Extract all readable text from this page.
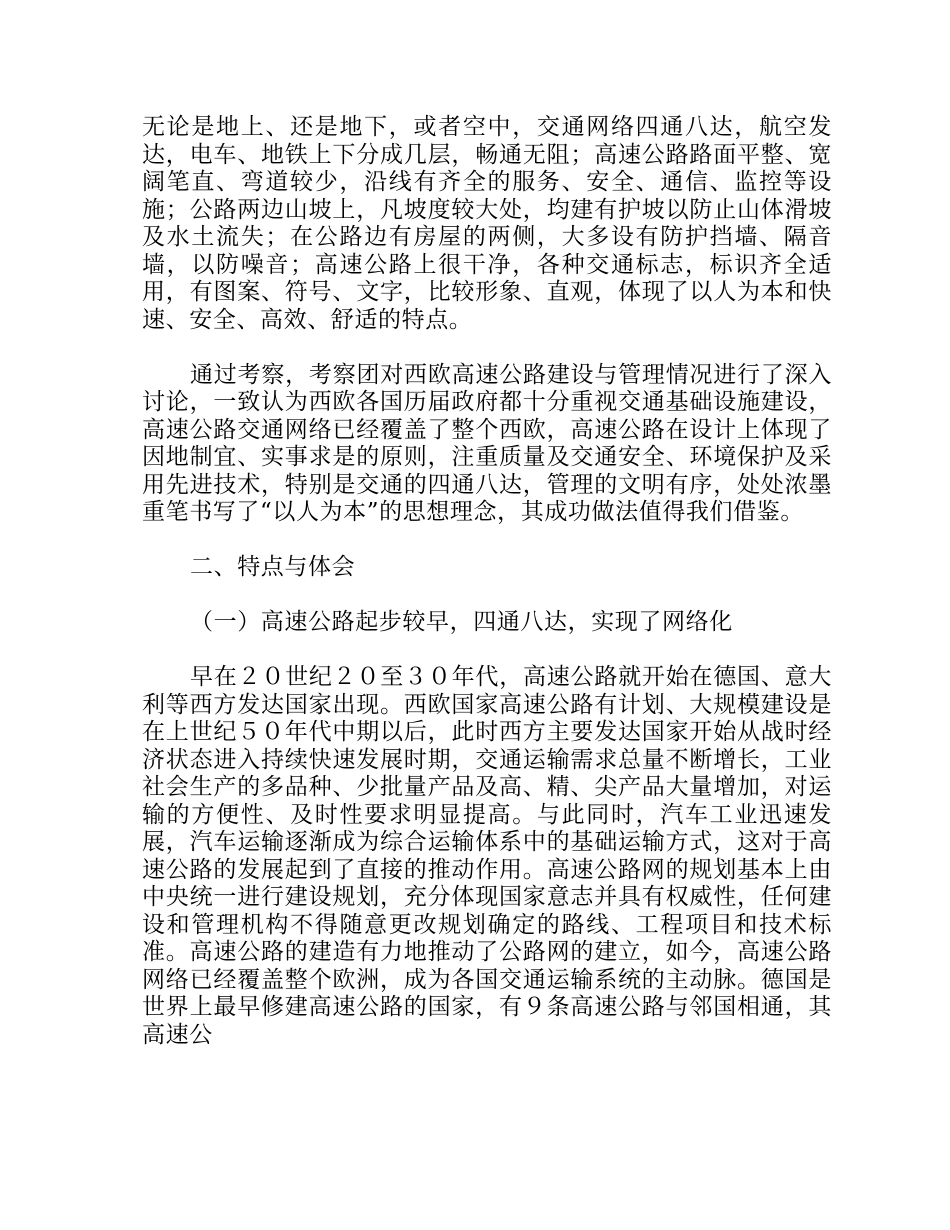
无论是地上、还是地下，或者空中，交通网络四通八达，航空发达，电车、地铁上下分成几层，畅通无阻；高速公路路面平整、宽阔笔直、弯道较少，沿线有齐全的服务、安全、通信、监控等设施；公路两边山坡上，凡坡度较大处，均建有护坡以防止山体滑坡及水土流失；在公路边有房屋的两侧，大多设有防护挡墙、隔音墙，以防噪音；高速公路上很干净，各种交通标志，标识齐全适用，有图案、符号、文字，比较形象、直观，体现了以人为本和快速、安全、高效、舒适的特点。

通过考察，考察团对西欧高速公路建设与管理情况进行了深入讨论，一致认为西欧各国历届政府都十分重视交通基础设施建设，高速公路交通网络已经覆盖了整个西欧，高速公路在设计上体现了因地制宜、实事求是的原则，注重质量及交通安全、环境保护及采用先进技术，特别是交通的四通八达，管理的文明有序，处处浓墨重笔书写了“以人为本”的思想理念，其成功做法值得我们借鉴。

二、特点与体会

（一）高速公路起步较早，四通八达，实现了网络化

早在２０世纪２０至３０年代，高速公路就开始在德国、意大利等西方发达国家出现。西欧国家高速公路有计划、大规模建设是在上世纪５０年代中期以后，此时西方主要发达国家开始从战时经济状态进入持续快速发展时期，交通运输需求总量不断增长，工业社会生产的多品种、少批量产品及高、精、尖产品大量增加，对运输的方便性、及时性要求明显提高。与此同时，汽车工业迅速发展，汽车运输逐渐成为综合运输体系中的基础运输方式，这对于高速公路的发展起到了直接的推动作用。高速公路网的规划基本上由中央统一进行建设规划，充分体现国家意志并具有权威性，任何建设和管理机构不得随意更改规划确定的路线、工程项目和技术标准。高速公路的建造有力地推动了公路网的建立，如今，高速公路网络已经覆盖整个欧洲，成为各国交通运输系统的主动脉。德国是世界上最早修建高速公路的国家，有９条高速公路与邻国相通，其高速公
